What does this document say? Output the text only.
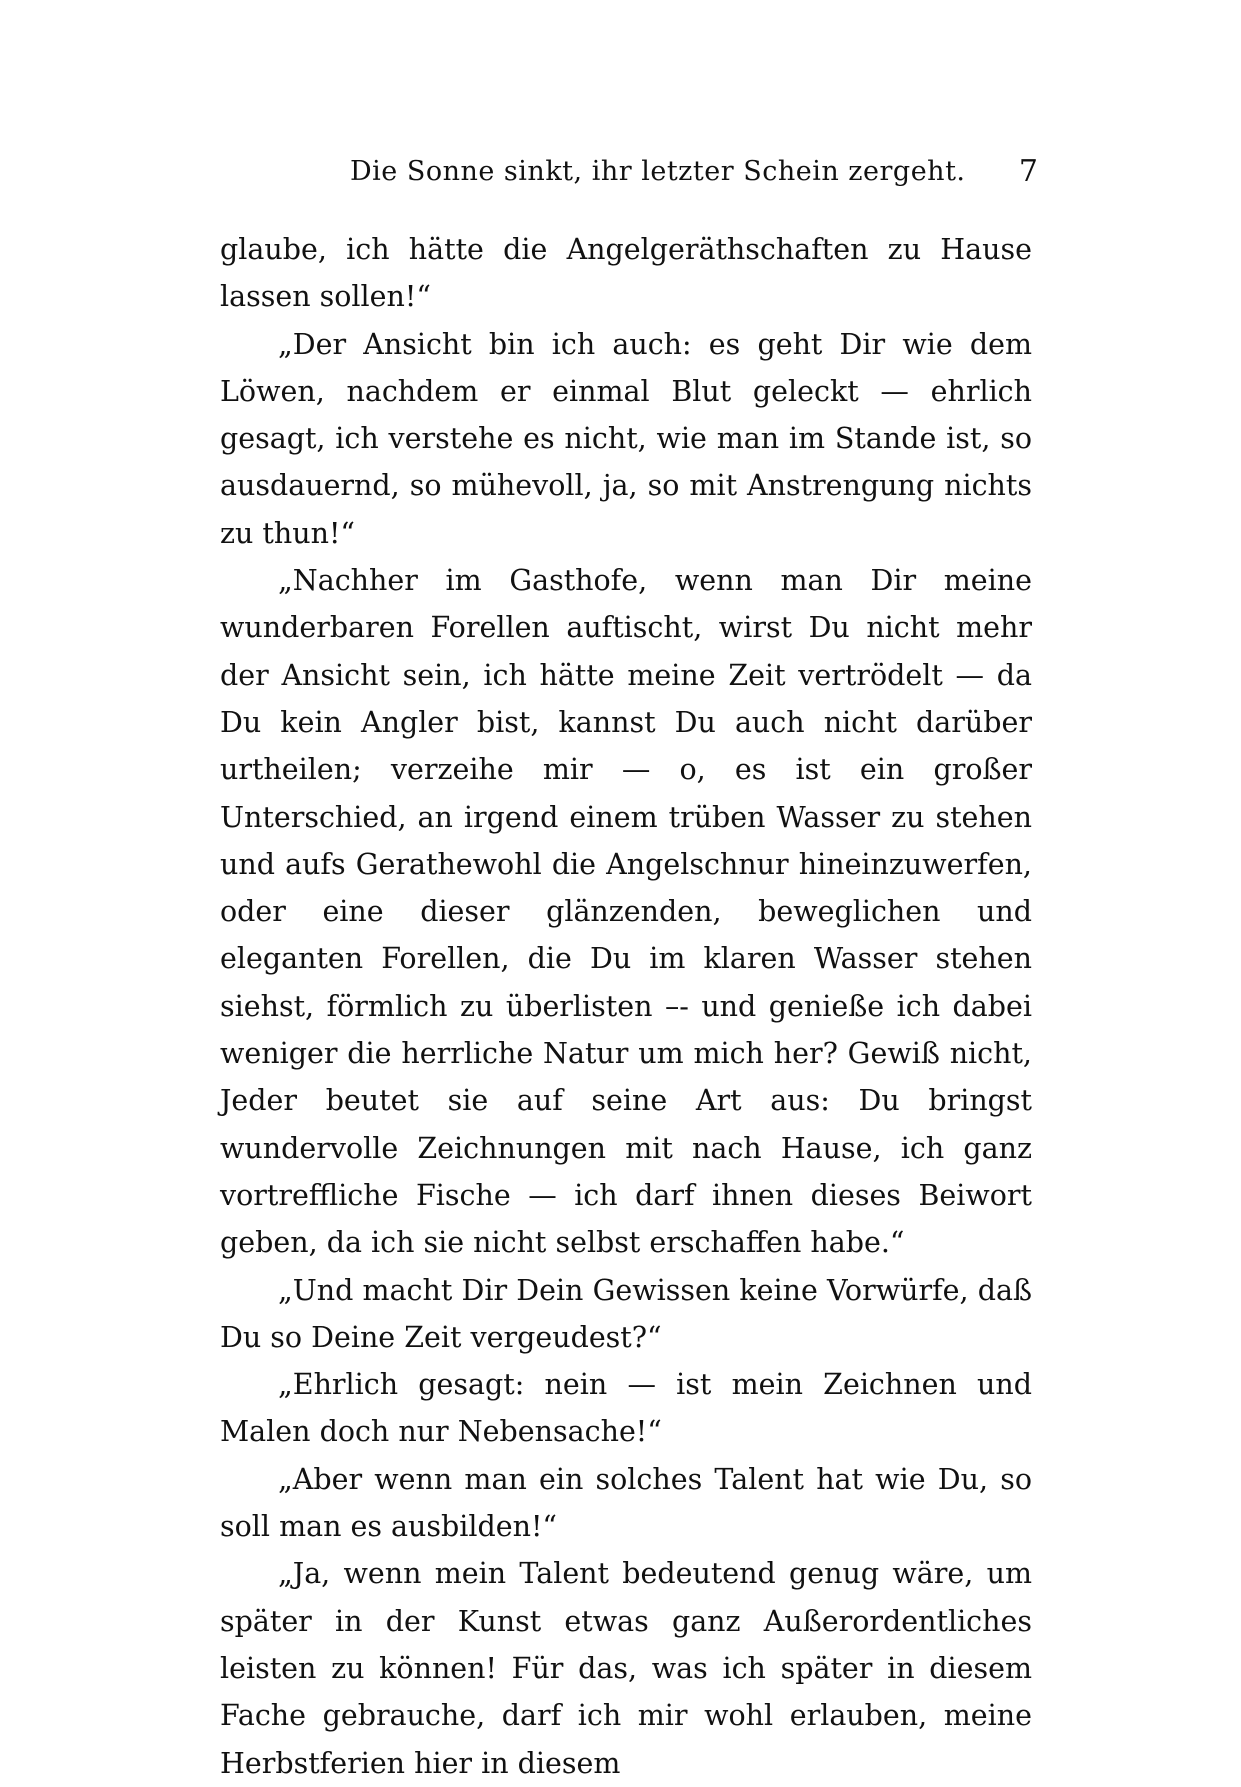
Die Sonne sinkt, ihr letzter Schein zergeht. 7

glaube, ich hätte die Angelgeräthschaften zu Hause lassen sollen!“

„Der Ansicht bin ich auch: es geht Dir wie dem Löwen, nachdem er einmal Blut geleckt — ehrlich gesagt, ich verstehe es nicht, wie man im Stande ist, so ausdauernd, so mühevoll, ja, so mit Anstrengung nichts zu thun!“

„Nachher im Gasthofe, wenn man Dir meine wunderbaren Forellen auftischt, wirst Du nicht mehr der Ansicht sein, ich hätte meine Zeit vertrödelt — da Du kein Angler bist, kannst Du auch nicht darüber urtheilen; verzeihe mir — o, es ist ein großer Unterschied, an irgend einem trüben Wasser zu stehen und aufs Gerathewohl die Angelschnur hineinzuwerfen, oder eine dieser glänzenden, beweglichen und eleganten Forellen, die Du im klaren Wasser stehen siehst, förmlich zu überlisten –- und genieße ich dabei weniger die herrliche Natur um mich her? Gewiß nicht, Jeder beutet sie auf seine Art aus: Du bringst wundervolle Zeichnungen mit nach Hause, ich ganz vortreffliche Fische — ich darf ihnen dieses Beiwort geben, da ich sie nicht selbst erschaffen habe.“

„Und macht Dir Dein Gewissen keine Vorwürfe, daß Du so Deine Zeit vergeudest?“

„Ehrlich gesagt: nein — ist mein Zeichnen und Malen doch nur Nebensache!“

„Aber wenn man ein solches Talent hat wie Du, so soll man es ausbilden!“

„Ja, wenn mein Talent bedeutend genug wäre, um später in der Kunst etwas ganz Außerordentliches leisten zu können! Für das, was ich später in diesem Fache gebrauche, darf ich mir wohl erlauben, meine Herbstferien hier in diesem
